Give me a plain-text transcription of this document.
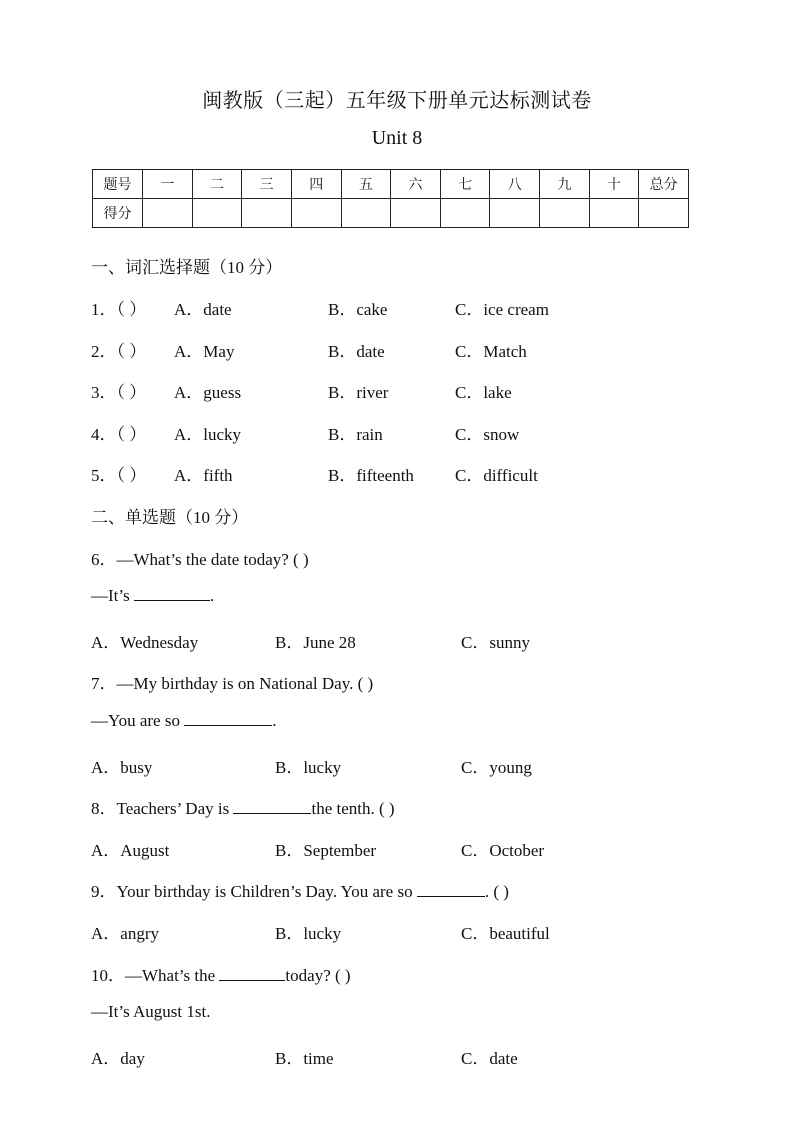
闽教版（三起）五年级下册单元达标测试卷
Unit 8
题号	一	二	三	四	五	六	七	八	九	十	总分
得分											
一、词汇选择题（10 分）
1．（ ） A．date	B．cake	C．ice cream
2．（ ） A．May	B．date	C．Match
3．（ ） A．guess	B．river	C．lake
4．（ ） A．lucky	B．rain	C．snow
5．（ ） A．fifth	B．fifteenth C．difficult
二、单选题（10 分）
6．—What’s the date today? ( )
—It’s	.
A．Wednesday	B．June 28	C．sunny
7．—My birthday is on National Day. ( )
—You are so	.
A．busy	B．lucky	C．young
8．Teachers’ Day is	the tenth. ( )
A．August	B．September	C．October
9．Your birthday is Children’s Day. You are so	. ( )
A．angry	B．lucky	C．beautiful
10．—What’s the	today? ( )
—It’s August 1st.
A．day	B．time	C．date
